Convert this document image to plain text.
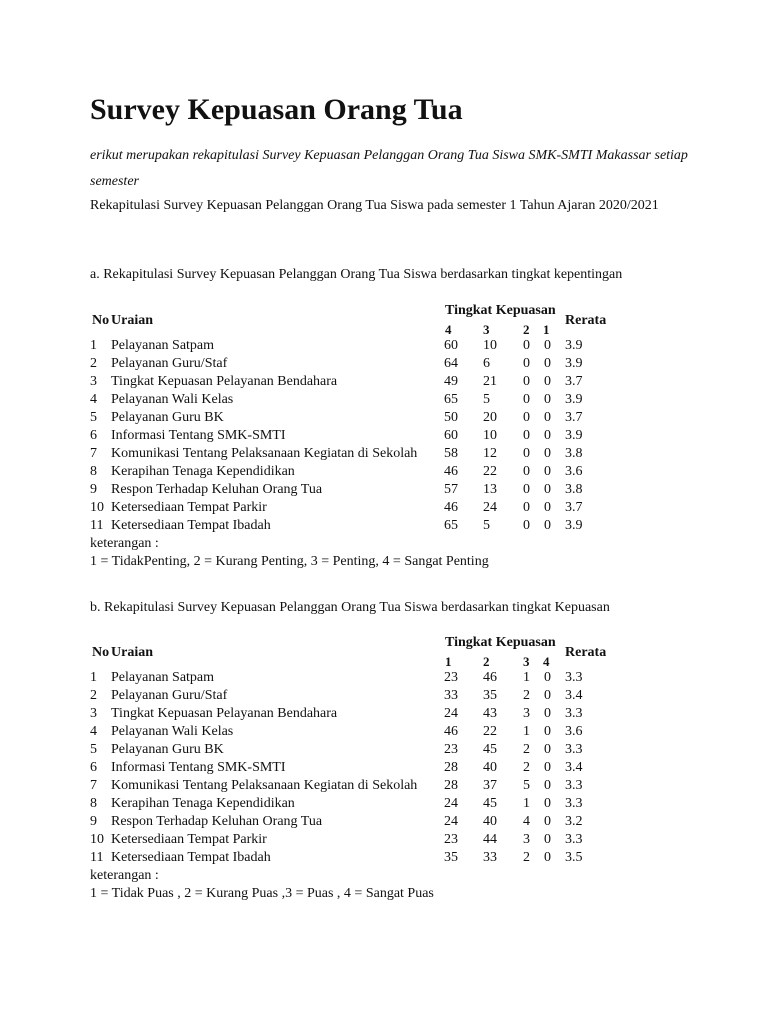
Survey Kepuasan Orang Tua
erikut merupakan rekapitulasi Survey Kepuasan Pelanggan Orang Tua Siswa SMK-SMTI Makassar setiap semester
Rekapitulasi Survey Kepuasan Pelanggan Orang Tua Siswa pada semester 1 Tahun Ajaran 2020/2021
a. Rekapitulasi Survey Kepuasan Pelanggan Orang Tua Siswa berdasarkan tingkat kepentingan
No Uraian
Tingkat Kepuasan
Rerata
4 3	2 1
1 Pelayanan Satpam	60 10 0 0 3.9
2 Pelayanan Guru/Staf	64 6 0 0 3.9
3 Tingkat Kepuasan Pelayanan Bendahara	49 21 0 0 3.7
4 Pelayanan Wali Kelas	65 5 0 0 3.9
5 Pelayanan Guru BK	50 20 0 0 3.7
6 Informasi Tentang SMK-SMTI	60 10 0 0 3.9
7 Komunikasi Tentang Pelaksanaan Kegiatan di Sekolah 58 12 0 0 3.8
8 Kerapihan Tenaga Kependidikan	46 22 0 0 3.6
9 Respon Terhadap Keluhan Orang Tua	57 13 0 0 3.8
10 Ketersediaan Tempat Parkir	46 24 0 0 3.7
11 Ketersediaan Tempat Ibadah	65 5 0 0 3.9
keterangan :
1 = TidakPenting, 2 = Kurang Penting, 3 = Penting, 4 = Sangat Penting
b. Rekapitulasi Survey Kepuasan Pelanggan Orang Tua Siswa berdasarkan tingkat Kepuasan
No Uraian
Tingkat Kepuasan
Rerata
1 2	3 4
1 Pelayanan Satpam	23 46 1 0 3.3
2 Pelayanan Guru/Staf	33 35 2 0 3.4
3 Tingkat Kepuasan Pelayanan Bendahara	24 43 3 0 3.3
4 Pelayanan Wali Kelas	46 22 1 0 3.6
5 Pelayanan Guru BK	23 45 2 0 3.3
6 Informasi Tentang SMK-SMTI	28 40 2 0 3.4
7 Komunikasi Tentang Pelaksanaan Kegiatan di Sekolah 28 37 5 0 3.3
8 Kerapihan Tenaga Kependidikan	24 45 1 0 3.3
9 Respon Terhadap Keluhan Orang Tua	24 40 4 0 3.2
10 Ketersediaan Tempat Parkir	23 44 3 0 3.3
11 Ketersediaan Tempat Ibadah	35 33 2 0 3.5
keterangan :
1 = Tidak Puas , 2 = Kurang Puas ,3 = Puas , 4 = Sangat Puas
